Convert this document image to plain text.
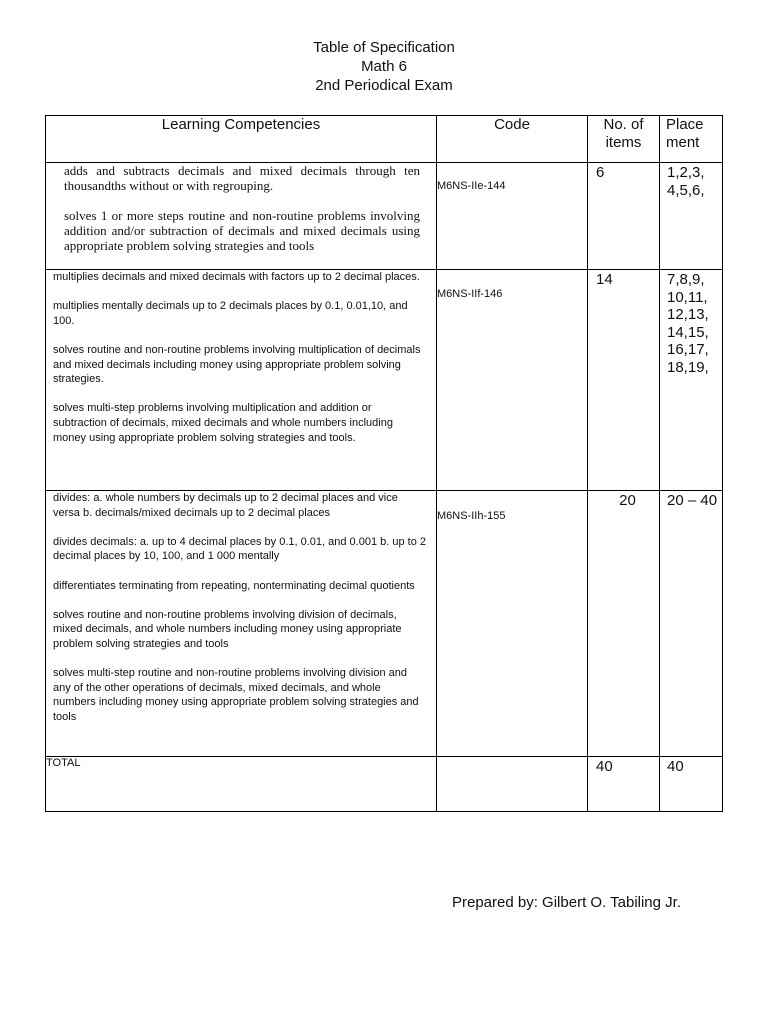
Table of Specification
Math 6
2nd Periodical Exam
Learning Competencies	Code	No. of items	Place ment

adds and subtracts decimals and mixed decimals through ten thousandths without or with regrouping.

solves 1 or more steps routine and non-routine problems involving addition and/or subtraction of decimals and mixed decimals using appropriate problem solving strategies and tools	M6NS-IIe-144	6	1,2,3, 4,5,6,

multiplies decimals and mixed decimals with factors up to 2 decimal places.

multiplies mentally decimals up to 2 decimals places by 0.1, 0.01,10, and 100.

solves routine and non-routine problems involving multiplication of decimals and mixed decimals including money using appropriate problem solving strategies.

solves multi-step problems involving multiplication and addition or subtraction of decimals, mixed decimals and whole numbers including money using appropriate problem solving strategies and tools.	M6NS-IIf-146	14	7,8,9, 10,11, 12,13, 14,15, 16,17, 18,19,

divides: a. whole numbers by decimals up to 2 decimal places and vice versa b. decimals/mixed decimals up to 2 decimal places

divides decimals: a. up to 4 decimal places by 0.1, 0.01, and 0.001 b. up to 2 decimal places by 10, 100, and 1 000 mentally

differentiates terminating from repeating, nonterminating decimal quotients

solves routine and non-routine problems involving division of decimals, mixed decimals, and whole numbers including money using appropriate problem solving strategies and tools

solves multi-step routine and non-routine problems involving division and any of the other operations of decimals, mixed decimals, and whole numbers including money using appropriate problem solving strategies and tools	M6NS-IIh-155	20	20 – 40
TOTAL		40	40
Prepared by: Gilbert O. Tabiling Jr.
